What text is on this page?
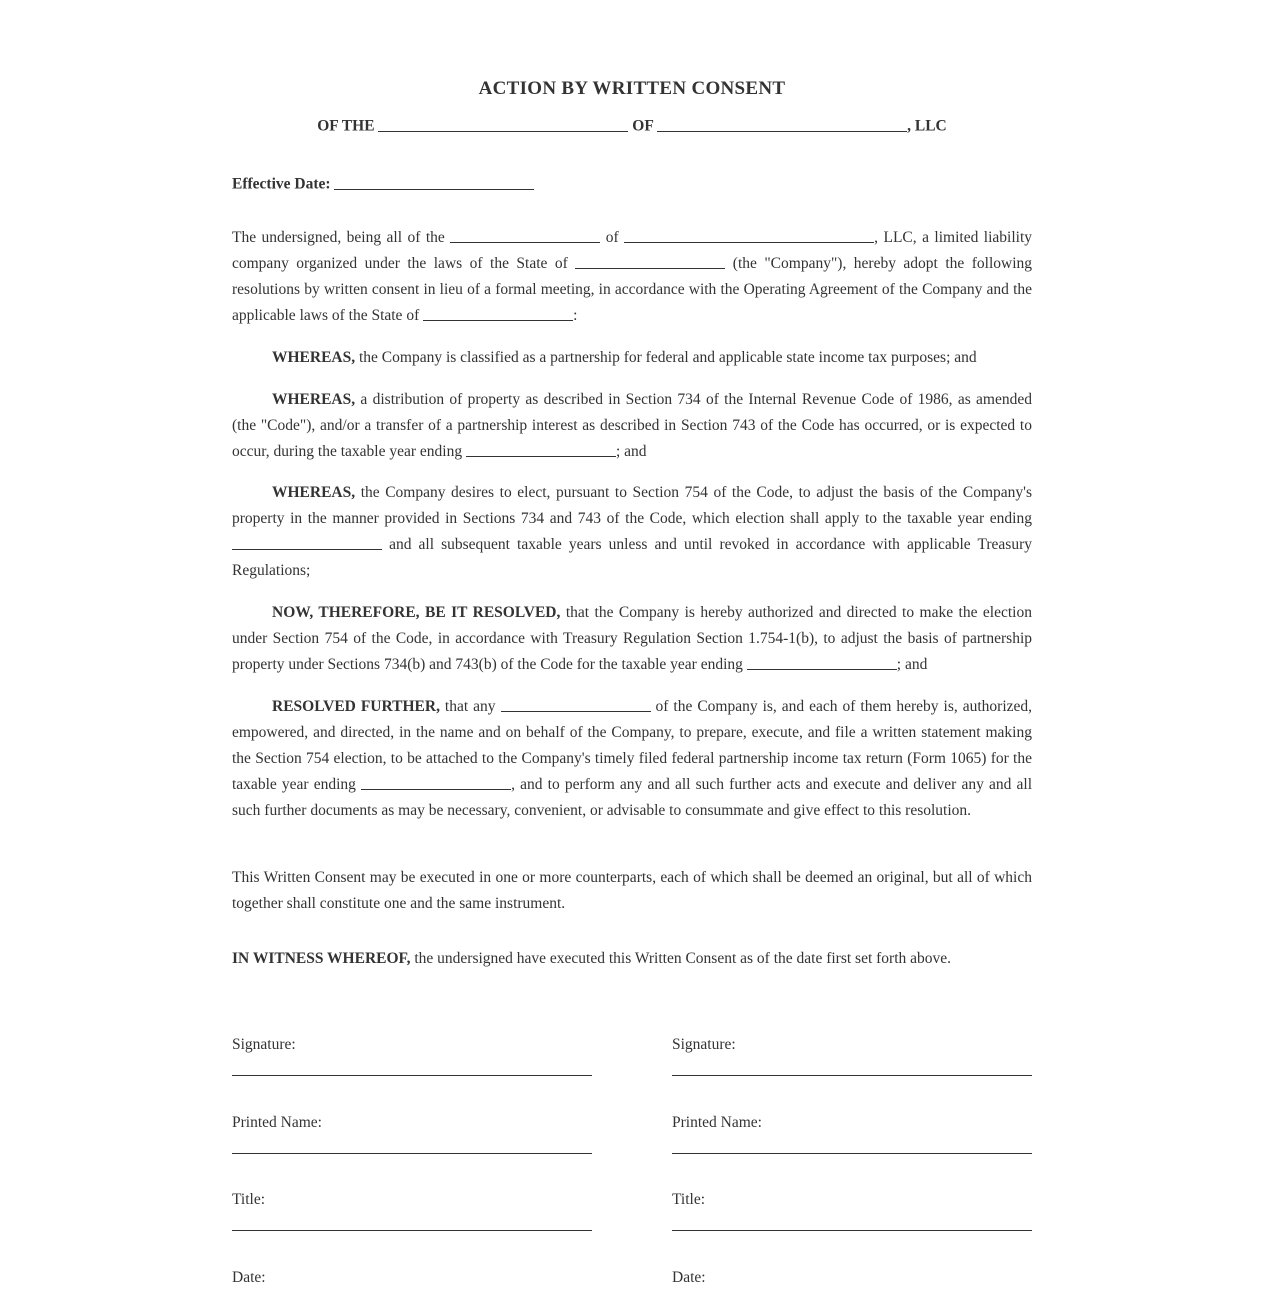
ACTION BY WRITTEN CONSENT
OF THE	OF	, LLC
Effective Date:
The undersigned, being all of the	of	, LLC, a limited liability company organized under the laws of the State of	(the "Company"), hereby adopt the following resolutions by written consent in lieu of a formal meeting, in accordance with the Operating Agreement of the Company and the applicable laws of the State of	:
WHEREAS, the Company is classified as a partnership for federal and applicable state income tax purposes; and
WHEREAS, a distribution of property as described in Section 734 of the Internal Revenue Code of 1986, as amended (the "Code"), and/or a transfer of a partnership interest as described in Section 743 of the Code has occurred, or is expected to occur, during the taxable year ending	; and
WHEREAS, the Company desires to elect, pursuant to Section 754 of the Code, to adjust the basis of the Company's property in the manner provided in Sections 734 and 743 of the Code, which election shall apply to the taxable year ending  and all subsequent taxable years unless and until revoked in accordance with applicable Treasury Regulations;
NOW, THEREFORE, BE IT RESOLVED, that the Company is hereby authorized and directed to make the election under Section 754 of the Code, in accordance with Treasury Regulation Section 1.754-1(b), to adjust the basis of partnership property under Sections 734(b) and 743(b) of the Code for the taxable year ending	; and
RESOLVED FURTHER, that any	of the Company is, and each of them hereby is, authorized, empowered, and directed, in the name and on behalf of the Company, to prepare, execute, and file a written statement making the Section 754 election, to be attached to the Company's timely filed federal partnership income tax return (Form 1065) for the taxable year ending	, and to perform any and all such further acts and execute and deliver any and all such further documents as may be necessary, convenient, or advisable to consummate and give effect to this resolution.
This Written Consent may be executed in one or more counterparts, each of which shall be deemed an original, but all of which together shall constitute one and the same instrument.
IN WITNESS WHEREOF, the undersigned have executed this Written Consent as of the date first set forth above.
Signature:
Printed Name:
Title:
Date:
Signature:
Printed Name:
Title:
Date:
